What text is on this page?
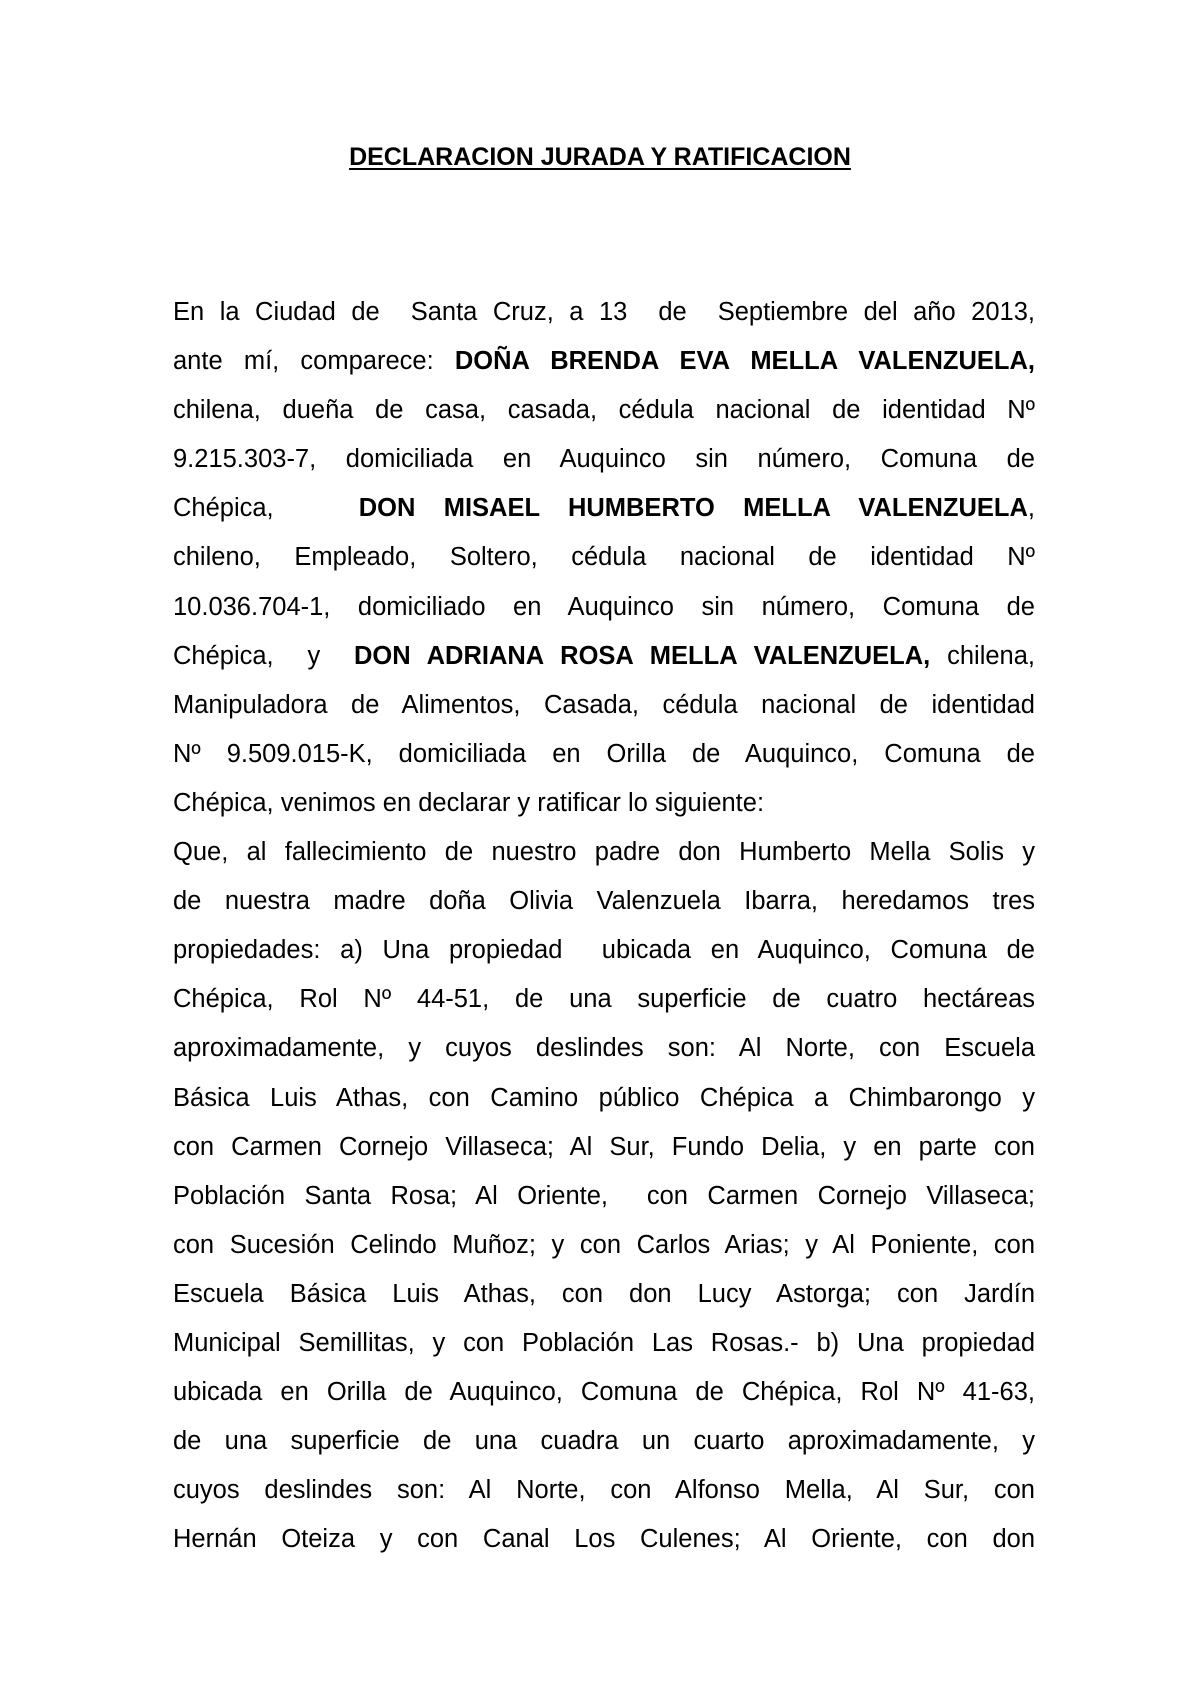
DECLARACION JURADA Y RATIFICACION
En la Ciudad de  Santa Cruz, a 13  de  Septiembre del año 2013,
ante mí, comparece: DOÑA BRENDA EVA MELLA VALENZUELA,
chilena, dueña de casa, casada, cédula nacional de identidad Nº
9.215.303-7, domiciliada en Auquinco sin número, Comuna de
Chépica,   DON MISAEL HUMBERTO MELLA VALENZUELA,
chileno, Empleado, Soltero, cédula nacional de identidad Nº
10.036.704-1, domiciliado en Auquinco sin número, Comuna de
Chépica,  y  DON ADRIANA ROSA MELLA VALENZUELA, chilena,
Manipuladora de Alimentos, Casada, cédula nacional de identidad
Nº 9.509.015-K, domiciliada en Orilla de Auquinco, Comuna de
Chépica, venimos en declarar y ratificar lo siguiente:
Que, al fallecimiento de nuestro padre don Humberto Mella Solis y
de nuestra madre doña Olivia Valenzuela Ibarra, heredamos tres
propiedades: a) Una propiedad  ubicada en Auquinco, Comuna de
Chépica, Rol Nº 44-51, de una superficie de cuatro hectáreas
aproximadamente, y cuyos deslindes son: Al Norte, con Escuela
Básica Luis Athas, con Camino público Chépica a Chimbarongo y
con Carmen Cornejo Villaseca; Al Sur, Fundo Delia, y en parte con
Población Santa Rosa; Al Oriente,  con Carmen Cornejo Villaseca;
con Sucesión Celindo Muñoz; y con Carlos Arias; y Al Poniente, con
Escuela Básica Luis Athas, con don Lucy Astorga; con Jardín
Municipal Semillitas, y con Población Las Rosas.- b) Una propiedad
ubicada en Orilla de Auquinco, Comuna de Chépica, Rol Nº 41-63,
de una superficie de una cuadra un cuarto aproximadamente, y
cuyos deslindes son: Al Norte, con Alfonso Mella, Al Sur, con
Hernán Oteiza y con Canal Los Culenes; Al Oriente, con don
